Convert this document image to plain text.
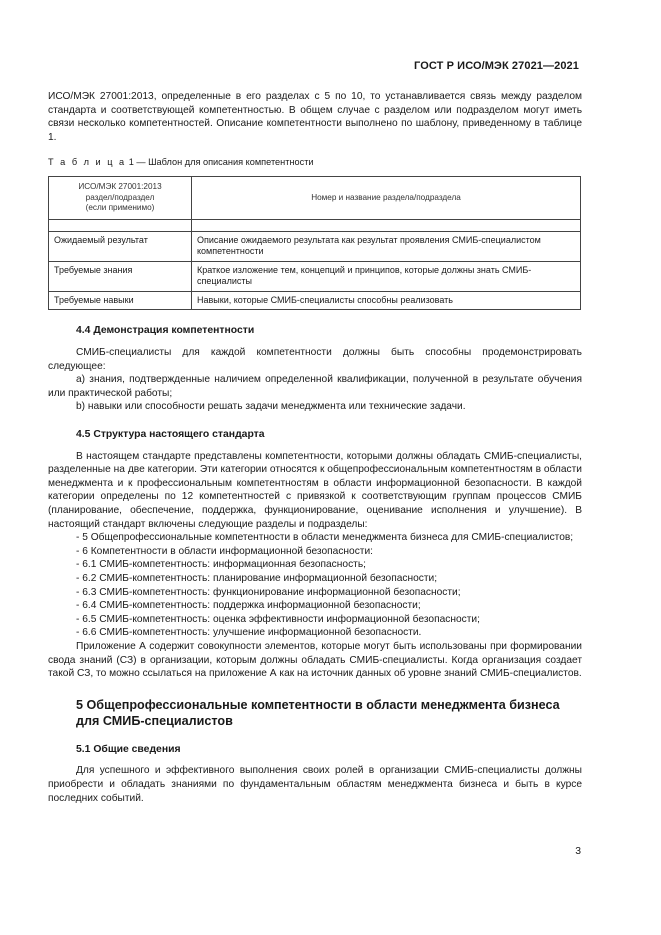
ГОСТ Р ИСО/МЭК 27021—2021

ИСО/МЭК 27001:2013, определенные в его разделах с 5 по 10, то устанавливается связь между разделом стандарта и соответствующей компетентностью. В общем случае с разделом или подразделом могут иметь связи несколько компетентностей. Описание компетентности выполнено по шаблону, приведенному в таблице 1.

Т а б л и ц а 1 — Шаблон для описания компетентности
ИСО/МЭК 27001:2013
раздел/подраздел
(если применимо)	Номер и название раздела/подраздела

Ожидаемый результат	Описание ожидаемого результата как результат проявления СМИБ-специалистом компетентности
Требуемые знания	Краткое изложение тем, концепций и принципов, которые должны знать СМИБ-специалисты
Требуемые навыки	Навыки, которые СМИБ-специалисты способны реализовать
4.4 Демонстрация компетентности

СМИБ-специалисты для каждой компетентности должны быть способны продемонстрировать следующее:

a) знания, подтвержденные наличием определенной квалификации, полученной в результате обучения или практической работы;

b) навыки или способности решать задачи менеджмента или технические задачи.

4.5 Структура настоящего стандарта

В настоящем стандарте представлены компетентности, которыми должны обладать СМИБ-специалисты, разделенные на две категории. Эти категории относятся к общепрофессиональным компетентностям в области менеджмента и к профессиональным компетентностям в области информационной безопасности. В каждой категории определены по 12 компетентностей с привязкой к соответствующим группам процессов СМИБ (планирование, обеспечение, поддержка, функционирование, оценивание исполнения и улучшение). В настоящий стандарт включены следующие разделы и подразделы:

- 5 Общепрофессиональные компетентности в области менеджмента бизнеса для СМИБ-специалистов;

- 6 Компетентности в области информационной безопасности:

- 6.1 СМИБ-компетентность: информационная безопасность;

- 6.2 СМИБ-компетентность: планирование информационной безопасности;

- 6.3 СМИБ-компетентность: функционирование информационной безопасности;

- 6.4 СМИБ-компетентность: поддержка информационной безопасности;

- 6.5 СМИБ-компетентность: оценка эффективности информационной безопасности;

- 6.6 СМИБ-компетентность: улучшение информационной безопасности.

Приложение А содержит совокупности элементов, которые могут быть использованы при формировании свода знаний (СЗ) в организации, которым должны обладать СМИБ-специалисты. Когда организация создает такой СЗ, то можно ссылаться на приложение А как на источник данных об уровне знаний СМИБ-специалистов.

5 Общепрофессиональные компетентности в области менеджмента бизнеса для СМИБ-специалистов
5.1 Общие сведения

Для успешного и эффективного выполнения своих ролей в организации СМИБ-специалисты должны приобрести и обладать знаниями по фундаментальным областям менеджмента бизнеса и быть в курсе последних событий.

3
